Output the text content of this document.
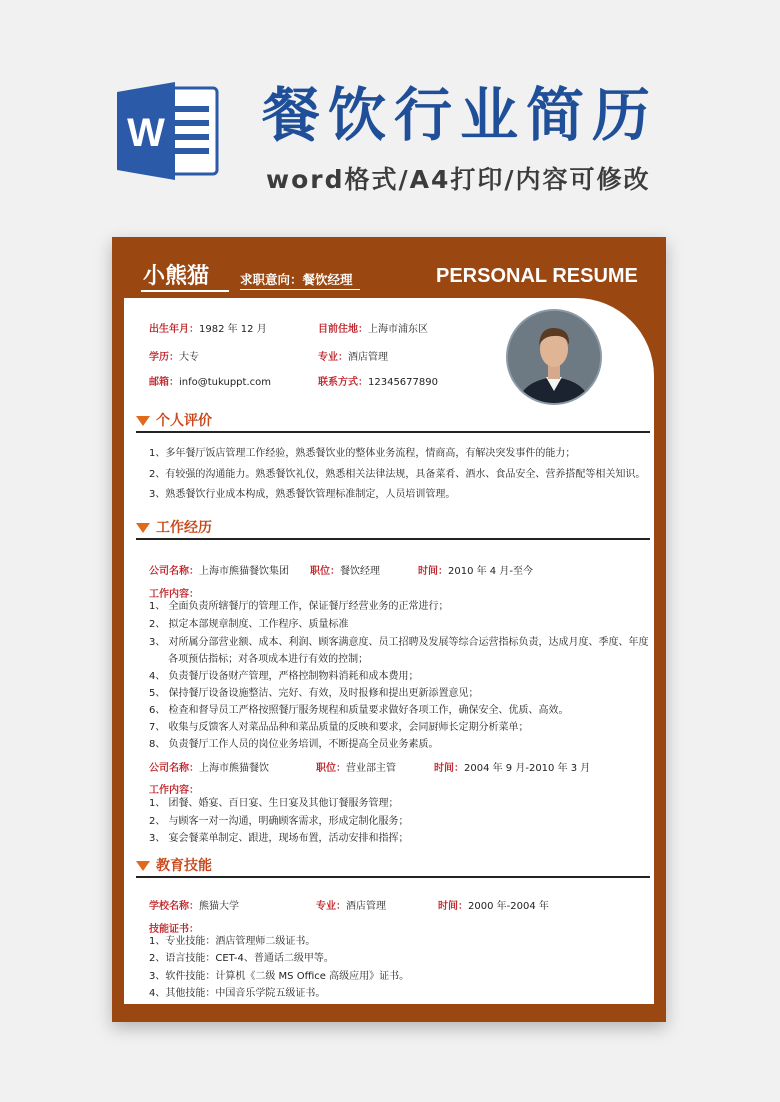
W 餐饮行业简历
word格式/A4打印/内容可修改
小熊猫 求职意向：餐饮经理	PERSONAL RESUME
出生年月：1982 年 12 月	目前住地：上海市浦东区
学历：大专	专业：酒店管理
邮箱：info@tukuppt.com	联系方式：12345677890
个人评价
1、多年餐厅饭店管理工作经验，熟悉餐饮业的整体业务流程，情商高，有解决突发事件的能力；
2、有较强的沟通能力。熟悉餐饮礼仪，熟悉相关法律法规，具备菜肴、酒水、食品安全、营养搭配等相关知识。
3、熟悉餐饮行业成本构成，熟悉餐饮管理标准制定，人员培训管理。
工作经历
公司名称：上海市熊猫餐饮集团 职位：餐饮经理	时间：2010 年 4 月-至今
工作内容：
1、 全面负责所辖餐厅的管理工作，保证餐厅经营业务的正常进行；
2、 拟定本部规章制度、工作程序、质量标准
3、 对所属分部营业额、成本、利润、顾客满意度、员工招聘及发展等综合运营指标负责，达成月度、季度、年度
各项预估指标；对各项成本进行有效的控制；
4、 负责餐厅设备财产管理，严格控制物料消耗和成本费用；
5、 保持餐厅设备设施整洁、完好、有效，及时报修和提出更新添置意见；
6、 检查和督导员工严格按照餐厅服务规程和质量要求做好各项工作，确保安全、优质、高效。
7、 收集与反馈客人对菜品品种和菜品质量的反映和要求，会同厨师长定期分析菜单；
8、 负责餐厅工作人员的岗位业务培训，不断提高全员业务素质。
公司名称：上海市熊猫餐饮	职位：营业部主管	时间：2004 年 9 月-2010 年 3 月
工作内容：
1、 团餐、婚宴、百日宴、生日宴及其他订餐服务管理；
2、 与顾客一对一沟通，明确顾客需求，形成定制化服务；
3、 宴会餐菜单制定、跟进，现场布置，活动安排和指挥；
教育技能
学校名称：熊猫大学	专业：酒店管理	时间：2000 年-2004 年
技能证书：
1、专业技能：酒店管理师二级证书。
2、语言技能：CET-4、普通话二级甲等。
3、软件技能：计算机《二级 MS Office 高级应用》证书。
4、其他技能：中国音乐学院五级证书。
